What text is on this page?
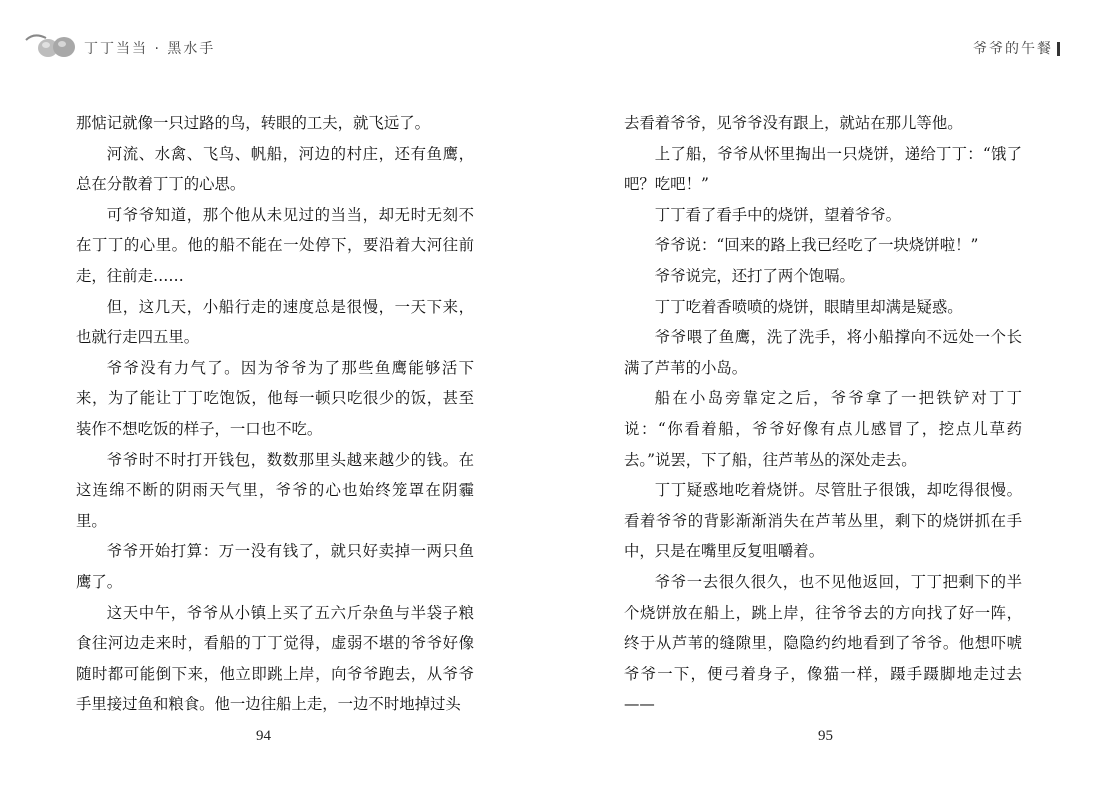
丁丁当当 · 黑水手

那惦记就像一只过路的鸟，转眼的工夫，就飞远了。

河流、水禽、飞鸟、帆船，河边的村庄，还有鱼鹰，总在分散着丁丁的心思。

可爷爷知道，那个他从未见过的当当，却无时无刻不在丁丁的心里。他的船不能在一处停下，要沿着大河往前走，往前走……

但，这几天，小船行走的速度总是很慢，一天下来，也就行走四五里。

爷爷没有力气了。因为爷爷为了那些鱼鹰能够活下来，为了能让丁丁吃饱饭，他每一顿只吃很少的饭，甚至装作不想吃饭的样子，一口也不吃。

爷爷时不时打开钱包，数数那里头越来越少的钱。在这连绵不断的阴雨天气里，爷爷的心也始终笼罩在阴霾里。

爷爷开始打算：万一没有钱了，就只好卖掉一两只鱼鹰了。

这天中午，爷爷从小镇上买了五六斤杂鱼与半袋子粮食往河边走来时，看船的丁丁觉得，虚弱不堪的爷爷好像随时都可能倒下来，他立即跳上岸，向爷爷跑去，从爷爷手里接过鱼和粮食。他一边往船上走，一边不时地掉过头

94
爷爷的午餐

去看着爷爷，见爷爷没有跟上，就站在那儿等他。

上了船，爷爷从怀里掏出一只烧饼，递给丁丁：“饿了吧？吃吧！”

丁丁看了看手中的烧饼，望着爷爷。

爷爷说：“回来的路上我已经吃了一块烧饼啦！”

爷爷说完，还打了两个饱嗝。

丁丁吃着香喷喷的烧饼，眼睛里却满是疑惑。

爷爷喂了鱼鹰，洗了洗手，将小船撑向不远处一个长满了芦苇的小岛。

船在小岛旁靠定之后，爷爷拿了一把铁铲对丁丁说：“你看着船，爷爷好像有点儿感冒了，挖点儿草药去。”说罢，下了船，往芦苇丛的深处走去。

丁丁疑惑地吃着烧饼。尽管肚子很饿，却吃得很慢。看着爷爷的背影渐渐消失在芦苇丛里，剩下的烧饼抓在手中，只是在嘴里反复咀嚼着。

爷爷一去很久很久，也不见他返回，丁丁把剩下的半个烧饼放在船上，跳上岸，往爷爷去的方向找了好一阵，终于从芦苇的缝隙里，隐隐约约地看到了爷爷。他想吓唬爷爷一下，便弓着身子，像猫一样，蹑手蹑脚地走过去——

95
